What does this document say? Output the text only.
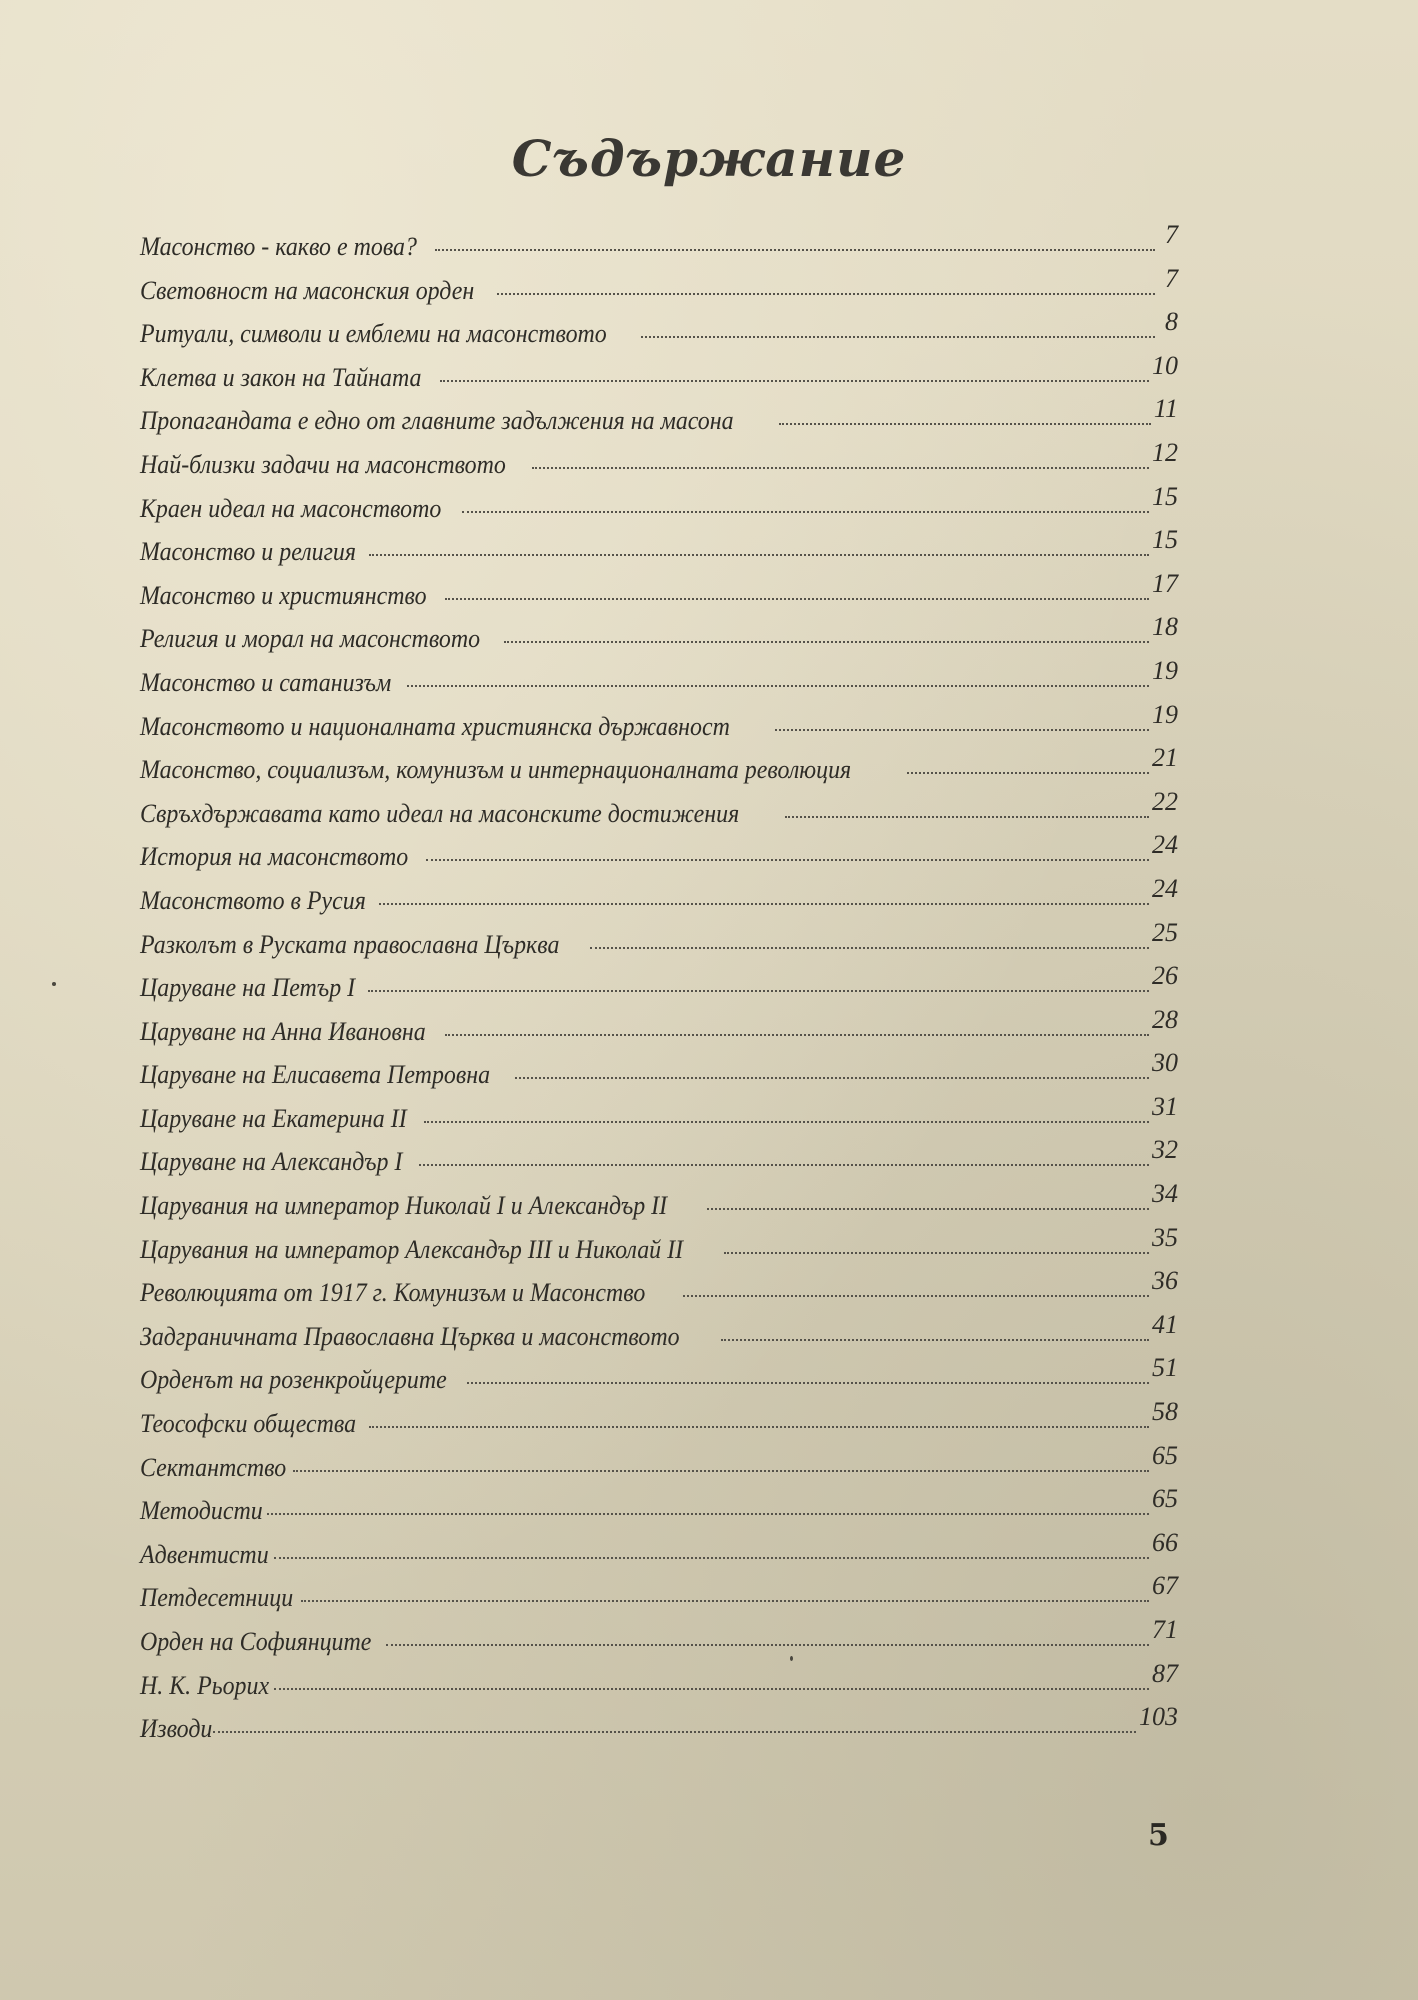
Съдържание
Масонство - какво е това?	7
Световност на масонския орден	7
Ритуали, символи и емблеми на масонството	8
Клетва и закон на Тайната	10
Пропагандата е едно от главните задължения на масона	11
Най-близки задачи на масонството	12
Краен идеал на масонството	15
Масонство и религия	15
Масонство и християнство	17
Религия и морал на масонството	18
Масонство и сатанизъм	19
Масонството и националната християнска държавност	19
Масонство, социализъм, комунизъм и интернационалната революция	21
Свръхдържавата като идеал на масонските достижения	22
История на масонството	24
Масонството в Русия	24
Разколът в Руската православна Църква	25
Царуване на Петър I	26
Царуване на Анна Ивановна	28
Царуване на Елисавета Петровна	30
Царуване на Екатерина II	31
Царуване на Александър I	32
Царувания на император Николай I и Александър II	34
Царувания на император Александър III и Николай II	35
Революцията от 1917 г. Комунизъм и Масонство	36
Задграничната Православна Църква и масонството	41
Орденът на розенкройцерите	51
Теософски общества	58
Сектантство	65
Методисти	65
Адвентисти	66
Петдесетници	67
Орден на Софиянците	71
Н. К. Рьорих	87
Изводи	103
5
